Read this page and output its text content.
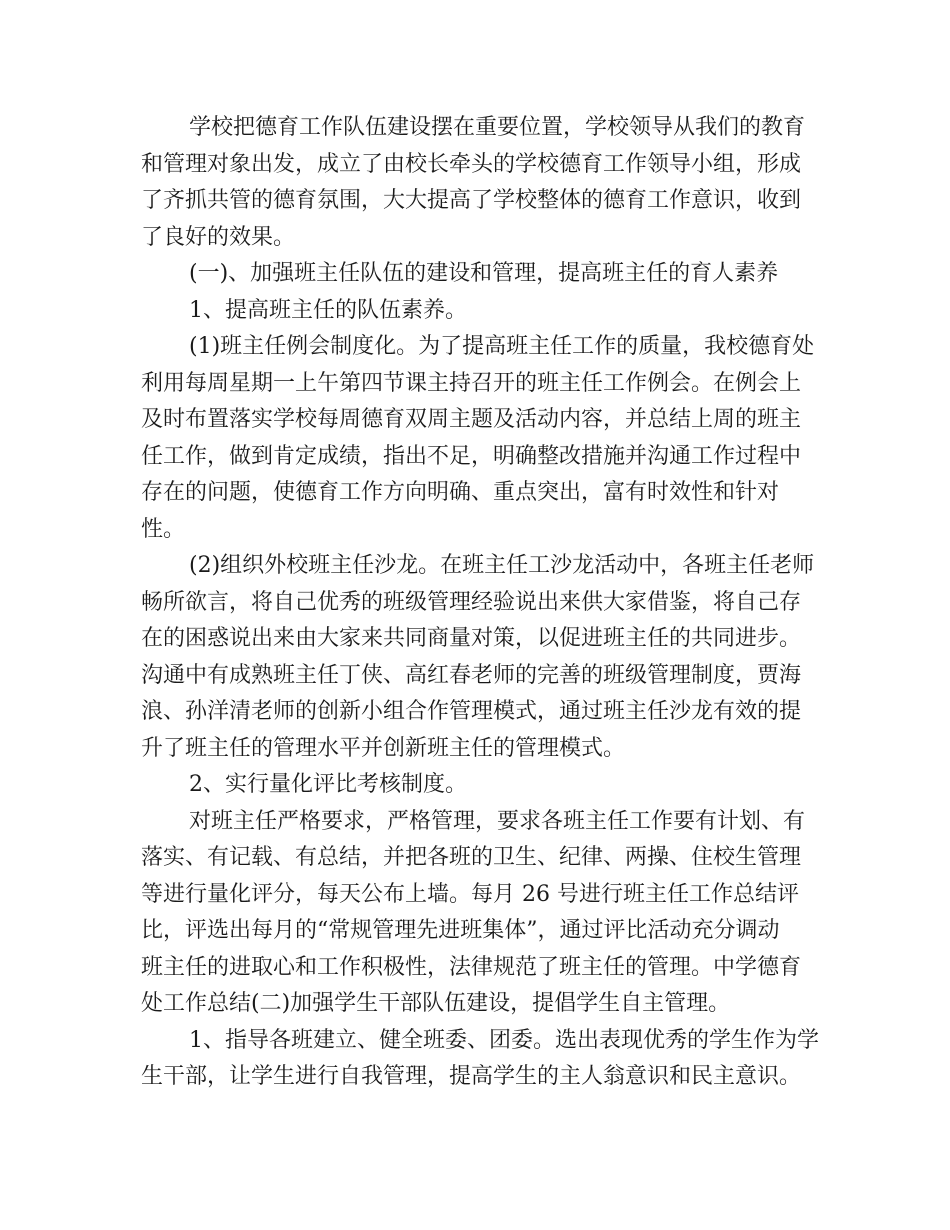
学校把德育工作队伍建设摆在重要位置，学校领导从我们的教育
和管理对象出发，成立了由校长牵头的学校德育工作领导小组，形成
了齐抓共管的德育氛围，大大提高了学校整体的德育工作意识，收到
了良好的效果。
(一)、加强班主任队伍的建设和管理，提高班主任的育人素养
1、提高班主任的队伍素养。
(1)班主任例会制度化。为了提高班主任工作的质量，我校德育处
利用每周星期一上午第四节课主持召开的班主任工作例会。在例会上
及时布置落实学校每周德育双周主题及活动内容，并总结上周的班主
任工作，做到肯定成绩，指出不足，明确整改措施并沟通工作过程中
存在的问题，使德育工作方向明确、重点突出，富有时效性和针对
性。
(2)组织外校班主任沙龙。在班主任工沙龙活动中，各班主任老师
畅所欲言，将自己优秀的班级管理经验说出来供大家借鉴，将自己存
在的困惑说出来由大家来共同商量对策，以促进班主任的共同进步。
沟通中有成熟班主任丁侠、高红春老师的完善的班级管理制度，贾海
浪、孙洋清老师的创新小组合作管理模式，通过班主任沙龙有效的提
升了班主任的管理水平并创新班主任的管理模式。
2、实行量化评比考核制度。
对班主任严格要求，严格管理，要求各班主任工作要有计划、有
落实、有记载、有总结，并把各班的卫生、纪律、两操、住校生管理
等进行量化评分，每天公布上墙。每月 26 号进行班主任工作总结评
比，评选出每月的“常规管理先进班集体”，通过评比活动充分调动
班主任的进取心和工作积极性，法律规范了班主任的管理。中学德育
处工作总结(二)加强学生干部队伍建设，提倡学生自主管理。
1、指导各班建立、健全班委、团委。选出表现优秀的学生作为学
生干部，让学生进行自我管理，提高学生的主人翁意识和民主意识。
